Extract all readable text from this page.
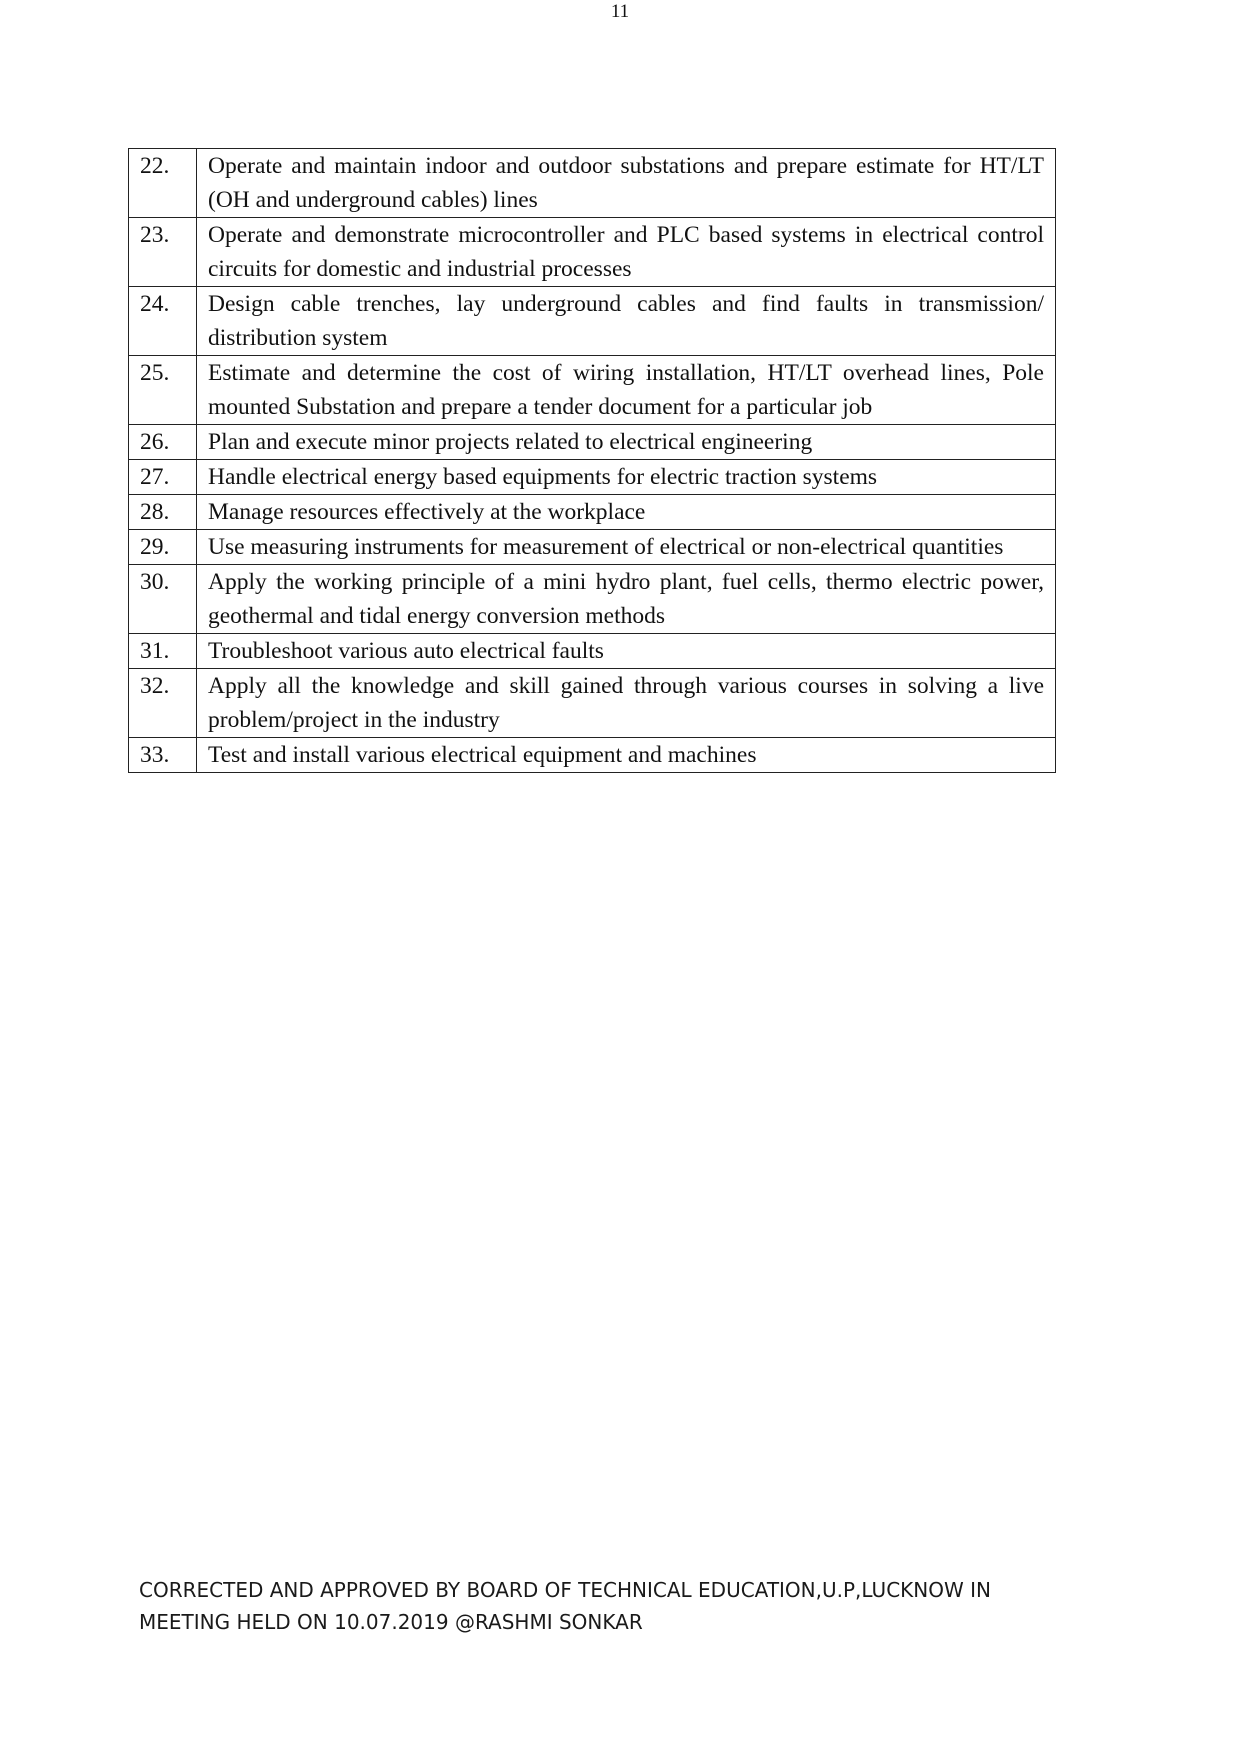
11
22.	Operate and maintain indoor and outdoor substations and prepare estimate for HT/LT (OH and underground cables) lines
23.	Operate and demonstrate microcontroller and PLC based systems in electrical control circuits for domestic and industrial processes
24.	Design cable trenches, lay underground cables and find faults in transmission/ distribution system
25.	Estimate and determine the cost of wiring installation, HT/LT overhead lines, Pole mounted Substation and prepare a tender document for a particular job
26.	Plan and execute minor projects related to electrical engineering
27.	Handle electrical energy based equipments for electric traction systems
28.	Manage resources effectively at the workplace
29.	Use measuring instruments for measurement of electrical or non-electrical quantities
30.	Apply the working principle of a mini hydro plant, fuel cells, thermo electric power, geothermal and tidal energy conversion methods
31.	Troubleshoot various auto electrical faults
32.	Apply all the knowledge and skill gained through various courses in solving a live problem/project in the industry
33.	Test and install various electrical equipment and machines
CORRECTED AND APPROVED BY BOARD OF TECHNICAL EDUCATION,U.P,LUCKNOW IN
MEETING HELD ON 10.07.2019 @RASHMI SONKAR
